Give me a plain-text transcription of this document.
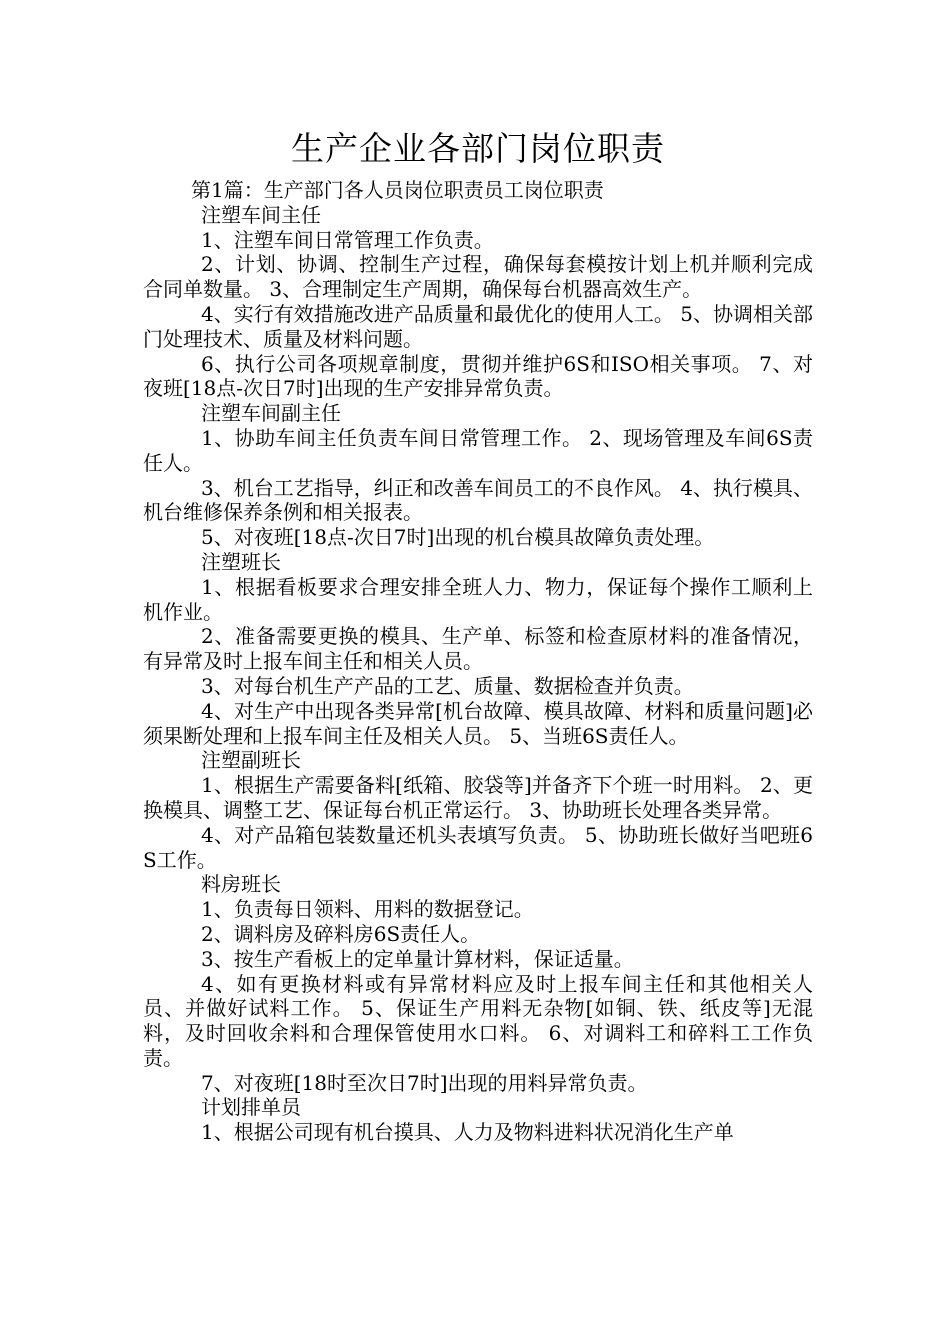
生产企业各部门岗位职责

第1篇：生产部门各人员岗位职责员工岗位职责

注塑车间主任

1、注塑车间日常管理工作负责。

2、计划、协调、控制生产过程，确保每套模按计划上机并顺利完成合同单数量。 3、合理制定生产周期，确保每台机器高效生产。

4、实行有效措施改进产品质量和最优化的使用人工。 5、协调相关部门处理技术、质量及材料问题。

6、执行公司各项规章制度，贯彻并维护6S和ISO相关事项。 7、对夜班[18点-次日7时]出现的生产安排异常负责。

注塑车间副主任

1、协助车间主任负责车间日常管理工作。 2、现场管理及车间6S责任人。

3、机台工艺指导，纠正和改善车间员工的不良作风。 4、执行模具、机台维修保养条例和相关报表。

5、对夜班[18点-次日7时]出现的机台模具故障负责处理。

注塑班长

1、根据看板要求合理安排全班人力、物力，保证每个操作工顺利上机作业。

2、准备需要更换的模具、生产单、标签和检查原材料的准备情况，有异常及时上报车间主任和相关人员。

3、对每台机生产产品的工艺、质量、数据检查并负责。

4、对生产中出现各类异常[机台故障、模具故障、材料和质量问题]必须果断处理和上报车间主任及相关人员。 5、当班6S责任人。

注塑副班长

1、根据生产需要备料[纸箱、胶袋等]并备齐下个班一时用料。 2、更换模具、调整工艺、保证每台机正常运行。 3、协助班长处理各类异常。

4、对产品箱包装数量还机头表填写负责。 5、协助班长做好当吧班6S工作。

料房班长

1、负责每日领料、用料的数据登记。

2、调料房及碎料房6S责任人。

3、按生产看板上的定单量计算材料，保证适量。

4、如有更换材料或有异常材料应及时上报车间主任和其他相关人员、并做好试料工作。 5、保证生产用料无杂物[如铜、铁、纸皮等]无混料，及时回收余料和合理保管使用水口料。 6、对调料工和碎料工工作负责。

7、对夜班[18时至次日7时]出现的用料异常负责。

计划排单员

1、根据公司现有机台摸具、人力及物料进料状况消化生产单
